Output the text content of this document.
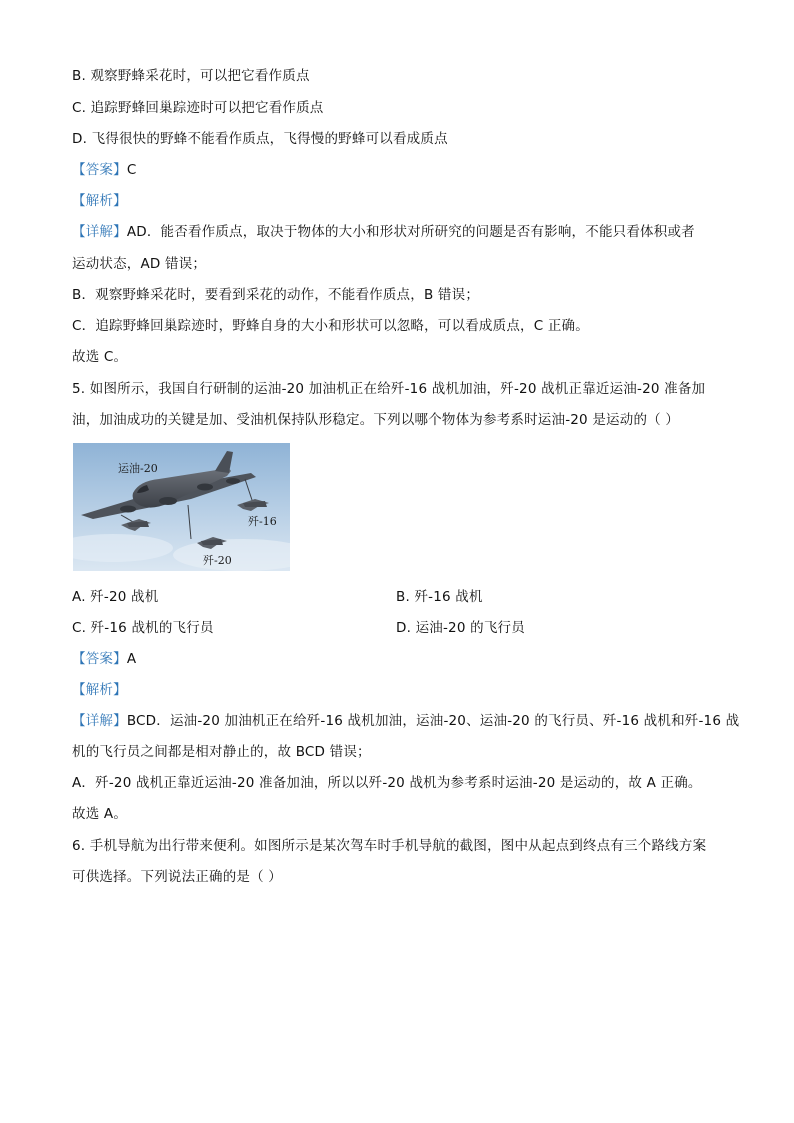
B. 观察野蜂采花时，可以把它看作质点
C. 追踪野蜂回巢踪迹时可以把它看作质点
D. 飞得很快的野蜂不能看作质点，飞得慢的野蜂可以看成质点
【答案】C
【解析】
【详解】AD．能否看作质点，取决于物体的大小和形状对所研究的问题是否有影响，不能只看体积或者
运动状态，AD 错误；
B．观察野蜂采花时，要看到采花的动作，不能看作质点，B 错误；
C．追踪野蜂回巢踪迹时，野蜂自身的大小和形状可以忽略，可以看成质点，C 正确。
故选 C。
5. 如图所示，我国自行研制的运油-20 加油机正在给歼-16 战机加油，歼-20 战机正靠近运油-20 准备加
油，加油成功的关键是加、受油机保持队形稳定。下列以哪个物体为参考系时运油-20 是运动的（ ）
运油-20
歼-16
歼-20
A. 歼-20 战机	B. 歼-16 战机
C. 歼-16 战机的飞行员	D. 运油-20 的飞行员
【答案】A
【解析】
【详解】BCD．运油-20 加油机正在给歼-16 战机加油，运油-20、运油-20 的飞行员、歼-16 战机和歼-16 战
机的飞行员之间都是相对静止的，故 BCD 错误；
A．歼-20 战机正靠近运油-20 准备加油，所以以歼-20 战机为参考系时运油-20 是运动的，故 A 正确。
故选 A。
6. 手机导航为出行带来便利。如图所示是某次驾车时手机导航的截图，图中从起点到终点有三个路线方案
可供选择。下列说法正确的是（ ）
